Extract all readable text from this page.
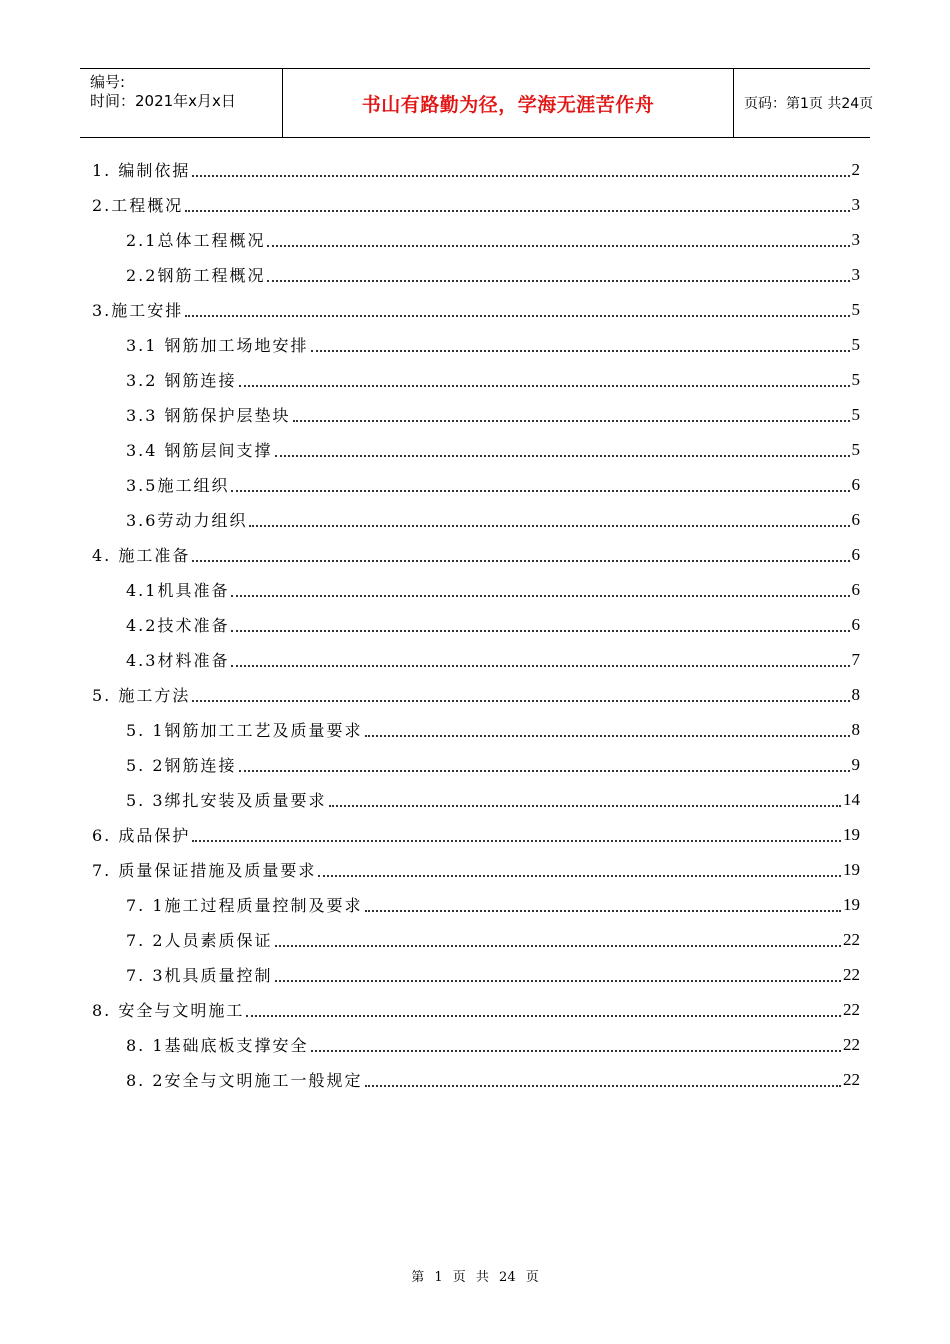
编号:
时间：2021年x月x日	书山有路勤为径，学海无涯苦作舟	页码：第1页 共24页
1. 编制依据	2
2.工程概况	3
2.1总体工程概况	3
2.2钢筋工程概况	3
3.施工安排	5
3.1 钢筋加工场地安排	5
3.2 钢筋连接	5
3.3 钢筋保护层垫块	5
3.4 钢筋层间支撑	5
3.5施工组织	6
3.6劳动力组织	6
4. 施工准备	6
4.1机具准备	6
4.2技术准备	6
4.3材料准备	7
5. 施工方法	8
5. 1钢筋加工工艺及质量要求	8
5. 2钢筋连接	9
5. 3绑扎安装及质量要求	14
6. 成品保护	19
7. 质量保证措施及质量要求	19
7. 1施工过程质量控制及要求	19
7. 2人员素质保证	22
7. 3机具质量控制	22
8. 安全与文明施工	22
8. 1基础底板支撑安全	22
8. 2安全与文明施工一般规定	22
第 1 页 共 24 页
